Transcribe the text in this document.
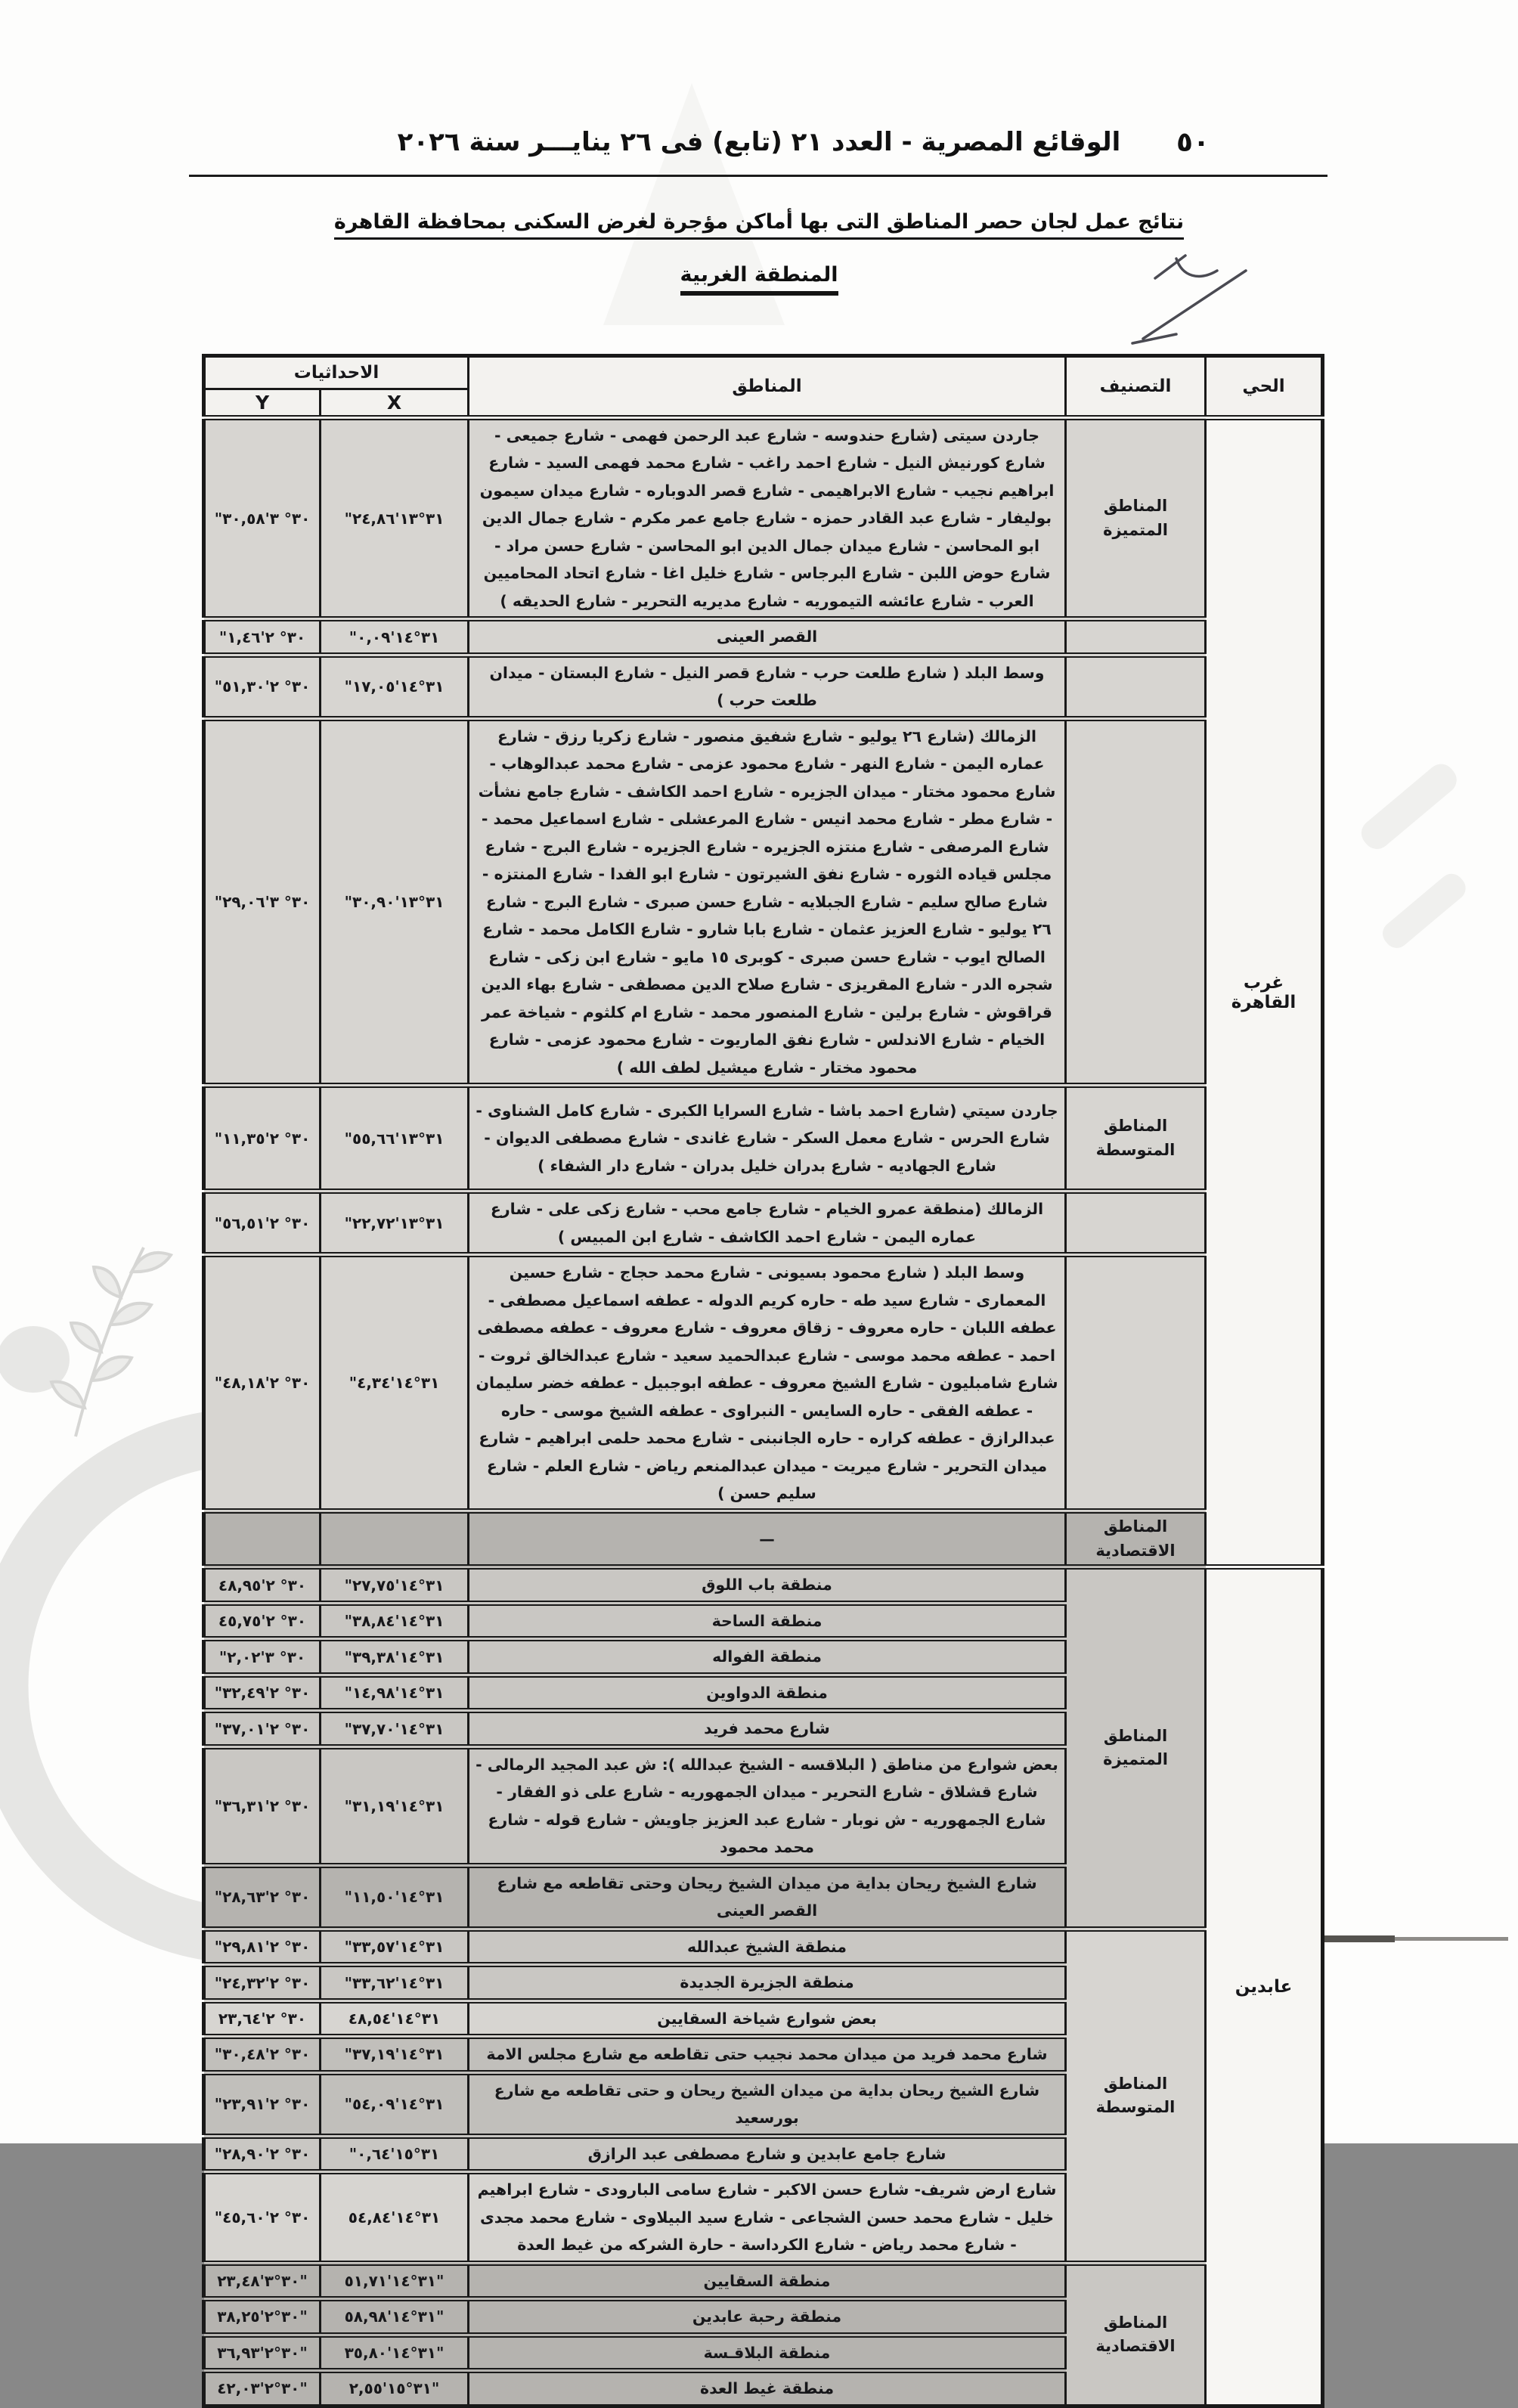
الوقائع المصرية - العدد ٢١ (تابع) فى ٢٦ ينايـــر سنة ٢٠٢٦	٥٠
نتائج عمل لجان حصر المناطق التى بها أماكن مؤجرة لغرض السكنى بمحافظة القاهرة
المنطقة الغربية
الحي	التصنيف	المناطق	الاحداثيات	
			X	Y
غرب القاهرة	المناطق المتميزة	جاردن سيتى (شارع حندوسه - شارع عبد الرحمن فهمى - شارع جميعى - شارع كورنيش النيل - شارع احمد راغب - شارع محمد فهمى السيد - شارع ابراهيم نجيب - شارع الابراهيمى - شارع قصر الدوباره - شارع ميدان سيمون بوليفار - شارع عبد القادر حمزه - شارع جامع عمر مكرم - شارع جمال الدين ابو المحاسن - شارع ميدان جمال الدين ابو المحاسن - شارع حسن مراد - شارع حوض اللبن - شارع البرجاس - شارع خليل اغا - شارع اتحاد المحاميين العرب - شارع عائشه التيموريه - شارع مديريه التحرير - شارع الحديقه )	٣١°١٣'٢٤,٨٦"	٣٠° ٣'٣٠,٥٨"
		القصر العينى	٣١°١٤'٠,٠٩"	٣٠° ٢'١,٤٦"
		وسط البلد ( شارع طلعت حرب - شارع قصر النيل - شارع البستان - ميدان طلعت حرب )	٣١°١٤'١٧,٠٥"	٣٠° ٢'٥١,٣٠"
		الزمالك (شارع ٢٦ يوليو - شارع شفيق منصور - شارع زكريا رزق - شارع عماره اليمن - شارع النهر - شارع محمود عزمى - شارع محمد عبدالوهاب - شارع محمود مختار - ميدان الجزيره - شارع احمد الكاشف - شارع جامع نشأت - شارع مطر - شارع محمد انيس - شارع المرعشلى - شارع اسماعيل محمد - شارع المرصفى - شارع منتزه الجزيره - شارع الجزيره - شارع البرج - شارع مجلس قياده الثوره - شارع نفق الشيرتون - شارع ابو الفدا - شارع المنتزه - شارع صالح سليم - شارع الجبلايه - شارع حسن صبرى - شارع البرج - شارع ٢٦ يوليو - شارع العزيز عثمان - شارع بابا شارو - شارع الكامل محمد - شارع الصالح ايوب - شارع حسن صبرى - كوبرى ١٥ مايو - شارع ابن زكى - شارع شجره الدر - شارع المقريزى - شارع صلاح الدين مصطفى - شارع بهاء الدين قراقوش - شارع برلين - شارع المنصور محمد - شارع ام كلثوم - شياخة عمر الخيام - شارع الاندلس - شارع نفق الماريوت - شارع محمود عزمى - شارع محمود مختار - شارع ميشيل لطف الله )	٣١°١٣'٣٠,٩٠"	٣٠° ٣'٢٩,٠٦"
	المناطق المتوسطة	جاردن سيتي (شارع احمد باشا - شارع السرايا الكبرى - شارع كامل الشناوى - شارع الحرس - شارع معمل السكر - شارع غاندى - شارع مصطفى الديوان - شارع الجهاديه - شارع بدران خليل بدران - شارع دار الشفاء )	٣١°١٣'٥٥,٦٦"	٣٠° ٢'١١,٣٥"
		الزمالك (منطقة عمرو الخيام - شارع جامع محب - شارع زكى على - شارع عماره اليمن - شارع احمد الكاشف - شارع ابن المبيس )	٣١°١٣'٢٢,٧٢"	٣٠° ٢'٥٦,٥١"
		وسط البلد ( شارع محمود بسيونى - شارع محمد حجاج - شارع حسين المعمارى - شارع سيد طه - حاره كريم الدوله - عطفه اسماعيل مصطفى - عطفه اللبان - حاره معروف - زقاق معروف - شارع معروف - عطفه مصطفى احمد - عطفه محمد موسى - شارع عبدالحميد سعيد - شارع عبدالخالق ثروت - شارع شامبليون - شارع الشيخ معروف - عطفه ابوجبيل - عطفه خضر سليمان - عطفه الفقى - حاره السايس - النبراوى - عطفه الشيخ موسى - حاره عبدالرازق - عطفه كراره - حاره الجانبنى - شارع محمد حلمى ابراهيم - شارع ميدان التحرير - شارع ميريت - ميدان عبدالمنعم رياض - شارع العلم - شارع سليم حسن )	٣١°١٤'٤,٣٤"	٣٠° ٢'٤٨,١٨"
	المناطق الاقتصادية	—		
عابدين	المناطق المتميزة	منطقة باب اللوق	٣١°١٤'٢٧,٧٥"	٣٠° ٢'٤٨,٩٥
		منطقة الساحة	٣١°١٤'٣٨,٨٤"	٣٠° ٢'٤٥,٧٥
		منطقة الفواله	٣١°١٤'٣٩,٣٨"	٣٠° ٣'٢,٠٢"
		منطقة الدواوين	٣١°١٤'١٤,٩٨"	٣٠° ٢'٣٢,٤٩"
		شارع محمد فريد	٣١°١٤'٣٧,٧٠"	٣٠° ٢'٣٧,٠١"
		بعض شوارع من مناطق ( البلاقسه - الشيخ عبدالله ): ش عبد المجيد الرمالى - شارع قشلاق - شارع التحرير - ميدان الجمهوريه - شارع على ذو الفقار - شارع الجمهوريه - ش نوبار - شارع عبد العزيز جاويش - شارع قوله - شارع محمد محمود	٣١°١٤'٣١,١٩"	٣٠° ٢'٣٦,٣١"
		شارع الشيخ ريحان بداية من ميدان الشيخ ريحان وحتى تقاطعه مع شارع القصر العينى	٣١°١٤'١١,٥٠"	٣٠° ٢'٢٨,٦٣"
	المناطق المتوسطة	منطقة الشيخ عبدالله	٣١°١٤'٣٣,٥٧"	٣٠° ٢'٢٩,٨١"
		منطقة الجزيرة الجديدة	٣١°١٤'٣٣,٦٢"	٣٠° ٢'٢٤,٣٢"
		بعض شوارع شياخة السقايين	٣١°١٤'٤٨,٥٤	٣٠° ٢'٢٣,٦٤
		شارع محمد فريد من ميدان محمد نجيب حتى تقاطعه مع شارع مجلس الامة	٣١°١٤'٣٧,١٩"	٣٠° ٢'٣٠,٤٨"
		شارع الشيخ ريحان بداية من ميدان الشيخ ريحان و حتى تقاطعه مع شارع بورسعيد	٣١°١٤'٥٤,٠٩"	٣٠° ٢'٢٣,٩١"
		شارع جامع عابدين و شارع مصطفى عبد الرازق	٣١°١٥'٠,٦٤"	٣٠° ٢'٢٨,٩٠"
		شارع ارض شريف- شارع حسن الاكبر - شارع سامى البارودى - شارع ابراهيم خليل - شارع محمد حسن الشجاعى - شارع سيد البيلاوى - شارع محمد مجدى - شارع محمد رياض - شارع الكرداسة - حارة الشركه من غيط العدة	٣١°١٤'٥٤,٨٤	٣٠° ٢'٤٥,٦٠"
	المناطق الاقتصادية	منطقة السقايين	٣١°١٤'٥١,٧١"	٣٠°٣'٢٣,٤٨"
		منطقة رحبة عابدين	٣١°١٤'٥٨,٩٨"	٣٠°٢'٣٨,٢٥"
		منطقة البلاقـسة	٣١°١٤'٣٥,٨٠"	٣٠°٢'٣٦,٩٣"
		منطقة غيط العدة	٣١°١٥'٢,٥٥"	٣٠°٢'٤٢,٠٣"
